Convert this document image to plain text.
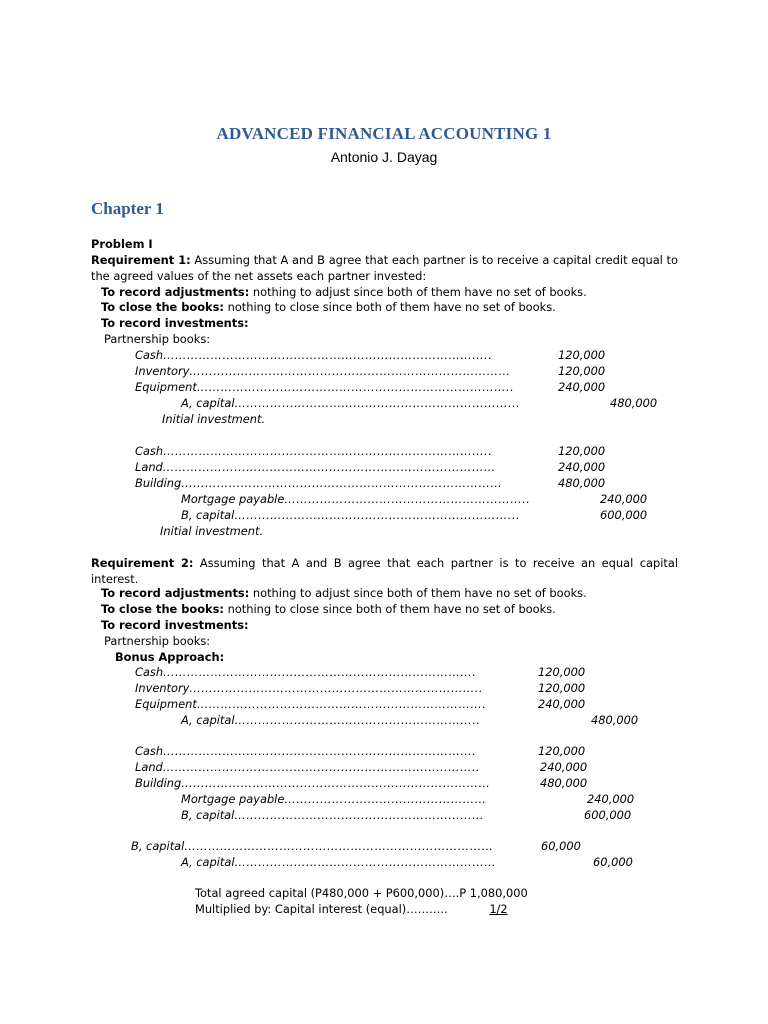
ADVANCED FINANCIAL ACCOUNTING 1
Antonio J. Dayag
Chapter 1
Problem I
Requirement 1: Assuming that A and B agree that each partner is to receive a capital credit equal to the agreed values of the net assets each partner invested:
To record adjustments: nothing to adjust since both of them have no set of books.
To close the books: nothing to close since both of them have no set of books.
To record investments:
Partnership books:
Cash………………………………………………………………………..	120,000
Inventory………………………………………………………………………	120,000
Equipment……………………………………………………………………..	240,000
A, capital……………………………………………………………...	480,000
Initial investment.
Cash………………………………………………………………………..	120,000
Land…………………………………………………………………………	240,000
Building………………………………………………………………………	480,000
Mortgage payable……………………………………………………..	240,000
B, capital……………………………………………………………...	600,000
Initial investment.
Requirement 2: Assuming that A and B agree that each partner is to receive an equal capital interest.
To record adjustments: nothing to adjust since both of them have no set of books.
To close the books: nothing to close since both of them have no set of books.
To record investments:
Partnership books:
Bonus Approach:
Cash…………………………………………………………………….	120,000
Inventory………………………………………………………………..	120,000
Equipment……………………………………………………………….	240,000
A, capital……………………………………………………..	480,000
Cash…………………………………………………………………….	120,000
Land……………………………………………………………………..	240,000
Building……………………………………………………………………	480,000
Mortgage payable……………………………………………	240,000
B, capital………………………………………………………	600,000
B, capital……………………………………………………………………	60,000
A, capital…………………………………………………………	60,000
Total agreed capital (P480,000 + P600,000)….P 1,080,000
Multiplied by: Capital interest (equal)………..	1/2
